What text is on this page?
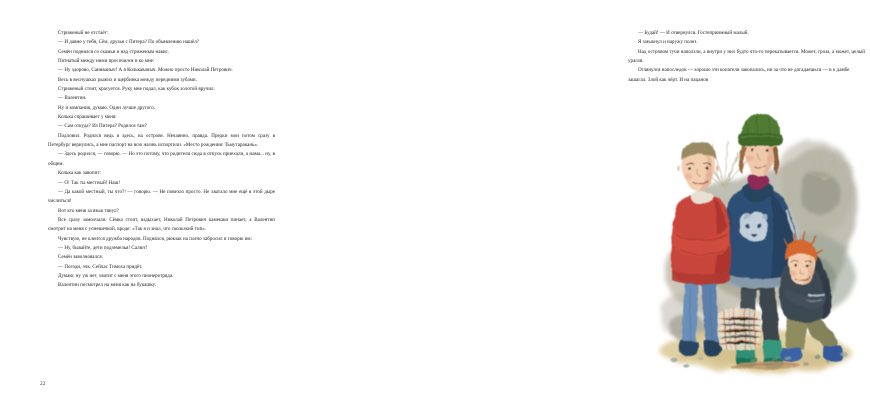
Стриженый не отстаёт:

— И давно у тебя, Сём, друзья с Питера? По объявлению нашёл?

Семён поднялся со скамьи и над стриженым навис.

Пятнатый между ними просочился и ко мне:

— Ну здорово, Саниваныч! А я Колькаваныч. Можно просто Николай Петрович.

Весь в веснушках рыжих и щербинка между передними зубами.

Стриженый стоит, красуется. Руку мне подал, как кубок золотой вручил.

— Валентин.

Ну и компания, думаю. Один лучше другого.

Колька спрашивает у меня:

— Сам откуда? Из Питера? Родился там?

Подловил. Родился ведь я здесь, на острове. Нечаянно, правда. Предки мои потом сразу в Петербург вернулись, а мне паспорт на всю жизнь испортили. «Место рождения: Тьмутаракань».

— Здесь родился, — говорю. — Но это потому, что родители сюда в отпуск приехали, а мама... ну, в общем.

Колька как завопит:

— О! Так ты местный! Наш!

— Да какой местный, ты что?! — говорю. — Не повезло просто. Не хватало мне ещё в этой дыре числиться!

Вот кто меня за язык тянул?

Все сразу замолчали. Сёмка стоит, вздыхает, Николай Петрович камешки пинает, а Валентин смотрит на меня с усмешечкой, вроде: «Так я и знал, что скользкий тип».

Чувствую, не клеится дружба народов. Поднялся, рюкзак на плечо забросил и говорю им:

— Ну, бывайте, дети подземелья! Салют!

Семён заволновался.

— Погоди, эчк. Сейчас Тимоха придёт.

Думаю: ну уж нет, хватит с меня этого пионеротряда.

Валентин посмотрел на меня как на букашку.

22

— Будай! — И отвернулся. Гостеприимный малый.

Я хмыкнул и наружу полез.

Над островом тучи наползли, а внутри у них будто что-то перекатывается. Может, гроза, а может, целый ураган.

Оглянулся напоследок — хорошо эти копатели закопались, ни за что не догадаешься — и к дамбе зашагал. Злой как чёрт. И на пацанов
